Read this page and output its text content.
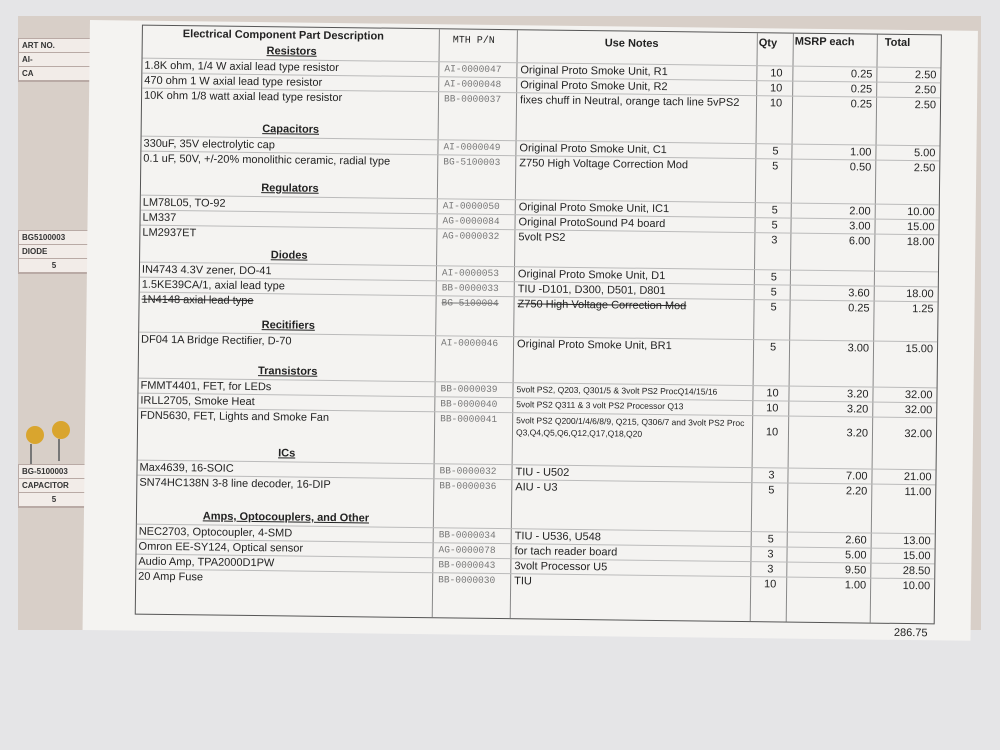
ART NO.
AI-
CA
BG5100003
DIODE
5
BG-5100003
CAPACITOR
5
Electrical Component Part Description	MTH P/N	Use Notes	Qty MSRP each	Total
Resistors
1.8K ohm, 1/4 W axial lead type resistor	AI-0000047 Original Proto Smoke Unit, R1	10	0.25	2.50
470 ohm 1 W axial lead type resistor	AI-0000048 Original Proto Smoke Unit, R2	10	0.25	2.50
10K ohm 1/8 watt axial lead type resistor	BB-0000037 fixes chuff in Neutral, orange tach line 5vPS2	10	0.25	2.50
Capacitors
330uF, 35V electrolytic cap	AI-0000049 Original Proto Smoke Unit, C1	5	1.00	5.00
0.1 uF, 50V, +/-20% monolithic ceramic, radial type	BG-5100003 Z750 High Voltage Correction Mod	5	0.50	2.50
Regulators
LM78L05, TO-92	AI-0000050 Original Proto Smoke Unit, IC1	5	2.00	10.00
LM337	AG-0000084 Original ProtoSound P4 board	5	3.00	15.00
LM2937ET	AG-0000032 5volt PS2	3	6.00	18.00
Diodes
IN4743 4.3V zener, DO-41	AI-0000053 Original Proto Smoke Unit, D1	5
1.5KE39CA/1, axial lead type	BB-0000033 TIU -D101, D300, D501, D801	5	3.60	18.00
1N4148 axial lead type	BG-5100004 Z750 High Voltage Correction Mod	5	0.25	1.25
Recitifiers
DF04 1A Bridge Rectifier, D-70	AI-0000046 Original Proto Smoke Unit, BR1	5	3.00	15.00
Transistors
FMMT4401, FET, for LEDs	BB-0000039 5volt PS2, Q203, Q301/5 & 3volt PS2 ProcQ14/15/16	10	3.20	32.00
IRLL2705, Smoke Heat	BB-0000040 5volt PS2 Q311 & 3 volt PS2 Processor Q13	10	3.20	32.00
FDN5630, FET, Lights and Smoke Fan	BB-0000041 5volt PS2 Q200/1/4/6/8/9, Q215, Q306/7 and 3volt PS2 Proc Q3,Q4,Q5,Q6,Q12,Q17,Q18,Q20	10	3.20	32.00
ICs
Max4639, 16-SOIC	BB-0000032 TIU - U502	3	7.00	21.00
SN74HC138N 3-8 line decoder, 16-DIP	BB-0000036 AIU - U3	5	2.20	11.00
Amps, Optocouplers, and Other
NEC2703, Optocoupler, 4-SMD	BB-0000034 TIU - U536, U548	5	2.60	13.00
Omron EE-SY124, Optical sensor	AG-0000078 for tach reader board	3	5.00	15.00
Audio Amp, TPA2000D1PW	BB-0000043 3volt Processor U5	3	9.50	28.50
20 Amp Fuse	BB-0000030 TIU	10	1.00	10.00
286.75
